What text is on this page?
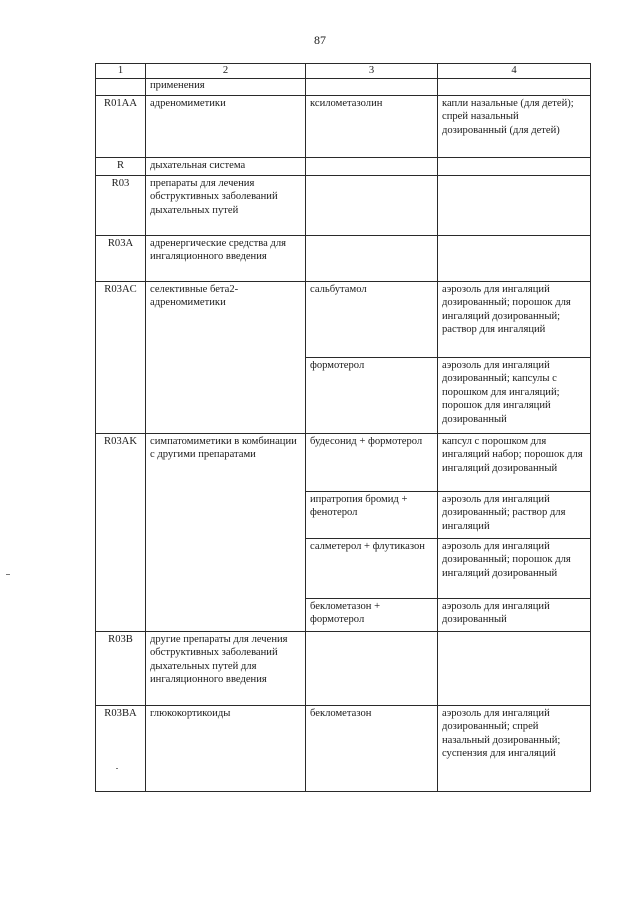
87
1	2	3	4
	применения		
R01AA	адреномиметики	ксилометазолин	капли назальные (для детей); спрей назальный дозированный (для детей)
R	дыхательная система		
R03	препараты для лечения обструктивных заболеваний дыхательных путей		
R03A	адренергические средства для ингаляционного введения		
R03AC	селективные бета2-адреномиметики	сальбутамол	аэрозоль для ингаляций дозированный; порошок для ингаляций дозированный; раствор для ингаляций
		формотерол	аэрозоль для ингаляций дозированный; капсулы с порошком для ингаляций; порошок для ингаляций дозированный
R03AK	симпатомиметики в комбинации с другими препаратами	будесонид + формотерол	капсул с порошком для ингаляций набор; порошок для ингаляций дозированный
		ипратропия бромид + фенотерол	аэрозоль для ингаляций дозированный; раствор для ингаляций
		салметерол + флутиказон	аэрозоль для ингаляций дозированный; порошок для ингаляций дозированный
		беклометазон + формотерол	аэрозоль для ингаляций дозированный
R03B	другие препараты для лечения обструктивных заболеваний дыхательных путей для ингаляционного введения		
R03BA	глюкокортикоиды	беклометазон	аэрозоль для ингаляций дозированный; спрей назальный дозированный; суспензия для ингаляций
